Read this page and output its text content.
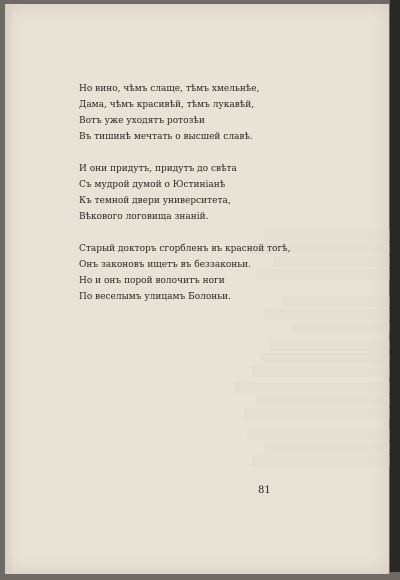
Но вино, чѣмъ слаще, тѣмъ хмельнѣе,
Дама, чѣмъ красивѣй, тѣмъ лукавѣй,
Вотъ уже уходятъ ротозѣи
Въ тишинѣ мечтать о высшей славѣ.
И они придутъ, придутъ до свѣта
Съ мудрой думой о Юстиніанѣ
Къ темной двери университета,
Вѣкового логовища знаній.
Старый докторъ сгорбленъ въ красной тогѣ,
Онъ законовъ ищетъ въ беззаконьи.
Но и онъ порой волочитъ ноги
По веселымъ улицамъ Болоньи.
81
